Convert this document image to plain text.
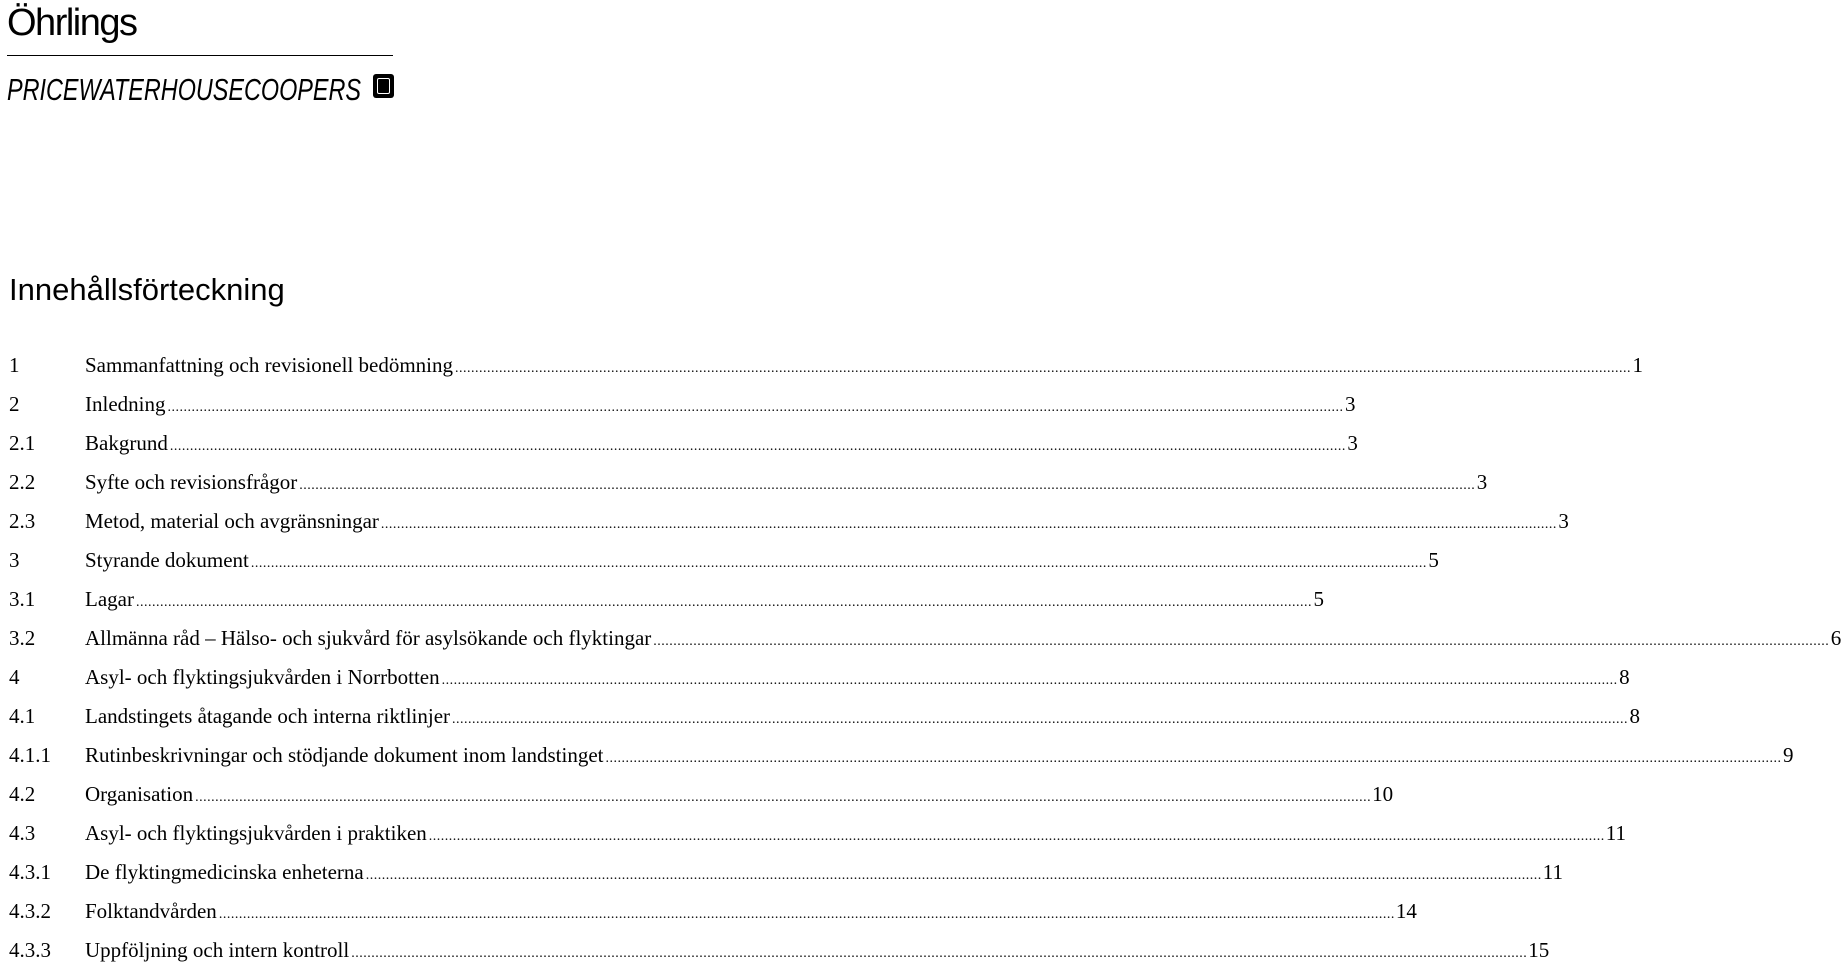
Öhrlings
PRICEWATERHOUSECOOPERS
Innehållsförteckning
1	Sammanfattning och revisionell bedömning .....	1
2	Inledning .....	3
2.1	Bakgrund .....	3
2.2	Syfte och revisionsfrågor .....	3
2.3	Metod, material och avgränsningar .....	3
3	Styrande dokument .....	5
3.1	Lagar .....	5
3.2	Allmänna råd – Hälso- och sjukvård för asylsökande och flyktingar .....	6
4	Asyl- och flyktingsjukvården i Norrbotten .....	8
4.1	Landstingets åtagande och interna riktlinjer .....	8
4.1.1	Rutinbeskrivningar och stödjande dokument inom landstinget .....	9
4.2	Organisation .....	10
4.3	Asyl- och flyktingsjukvården i praktiken .....	11
4.3.1	De flyktingmedicinska enheterna .....	11
4.3.2	Folktandvården .....	14
4.3.3	Uppföljning och intern kontroll .....	15
